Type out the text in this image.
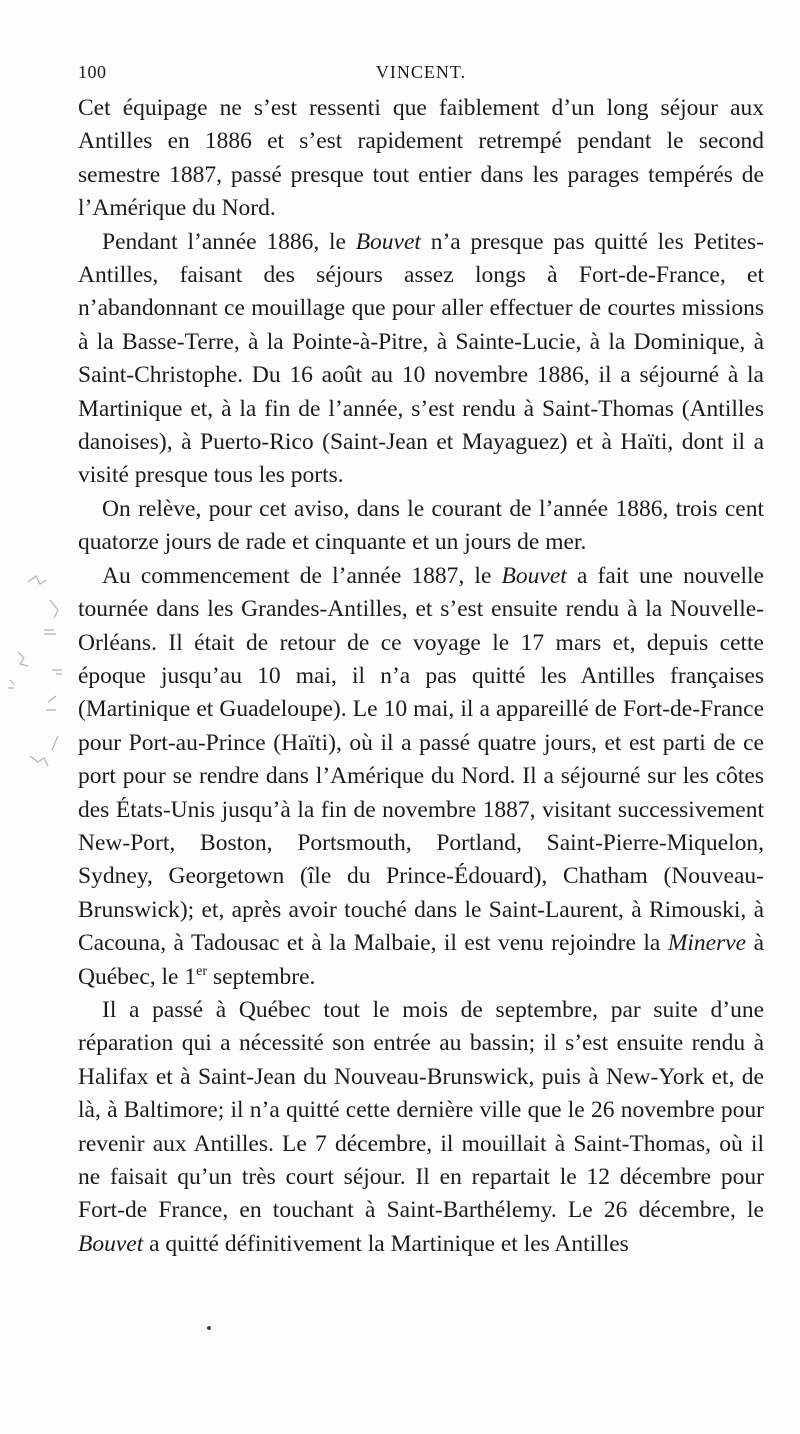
VINCENT.
100

Cet équipage ne s’est ressenti que faiblement d’un long séjour aux Antilles en 1886 et s’est rapidement retrempé pendant le second semestre 1887, passé presque tout entier dans les parages tempérés de l’Amérique du Nord.

Pendant l’année 1886, le Bouvet n’a presque pas quitté les Petites-Antilles, faisant des séjours assez longs à Fort-de-France, et n’abandonnant ce mouillage que pour aller effectuer de courtes missions à la Basse-Terre, à la Pointe-à-Pitre, à Sainte-Lucie, à la Dominique, à Saint-Christophe. Du 16 août au 10 novembre 1886, il a séjourné à la Martinique et, à la fin de l’année, s’est rendu à Saint-Thomas (Antilles danoises), à Puerto-Rico (Saint-Jean et Mayaguez) et à Haïti, dont il a visité presque tous les ports.

On relève, pour cet aviso, dans le courant de l’année 1886, trois cent quatorze jours de rade et cinquante et un jours de mer.

Au commencement de l’année 1887, le Bouvet a fait une nouvelle tournée dans les Grandes-Antilles, et s’est ensuite rendu à la Nouvelle-Orléans. Il était de retour de ce voyage le 17 mars et, depuis cette époque jusqu’au 10 mai, il n’a pas quitté les Antilles françaises (Martinique et Guadeloupe). Le 10 mai, il a appareillé de Fort-de-France pour Port-au-Prince (Haïti), où il a passé quatre jours, et est parti de ce port pour se rendre dans l’Amérique du Nord. Il a séjourné sur les côtes des États-Unis jusqu’à la fin de novembre 1887, visitant successivement New-Port, Boston, Portsmouth, Portland, Saint-Pierre-Miquelon, Sydney, Georgetown (île du Prince-Édouard), Chatham (Nouveau-Brunswick); et, après avoir touché dans le Saint-Laurent, à Rimouski, à Cacouna, à Tadousac et à la Malbaie, il est venu rejoindre la Minerve à Québec, le 1er septembre.

Il a passé à Québec tout le mois de septembre, par suite d’une réparation qui a nécessité son entrée au bassin; il s’est ensuite rendu à Halifax et à Saint-Jean du Nouveau-Brunswick, puis à New-York et, de là, à Baltimore; il n’a quitté cette dernière ville que le 26 novembre pour revenir aux Antilles. Le 7 décembre, il mouillait à Saint-Thomas, où il ne faisait qu’un très court séjour. Il en repartait le 12 décembre pour Fort-de France, en touchant à Saint-Barthélemy. Le 26 décembre, le Bouvet a quitté définitivement la Martinique et les Antilles
